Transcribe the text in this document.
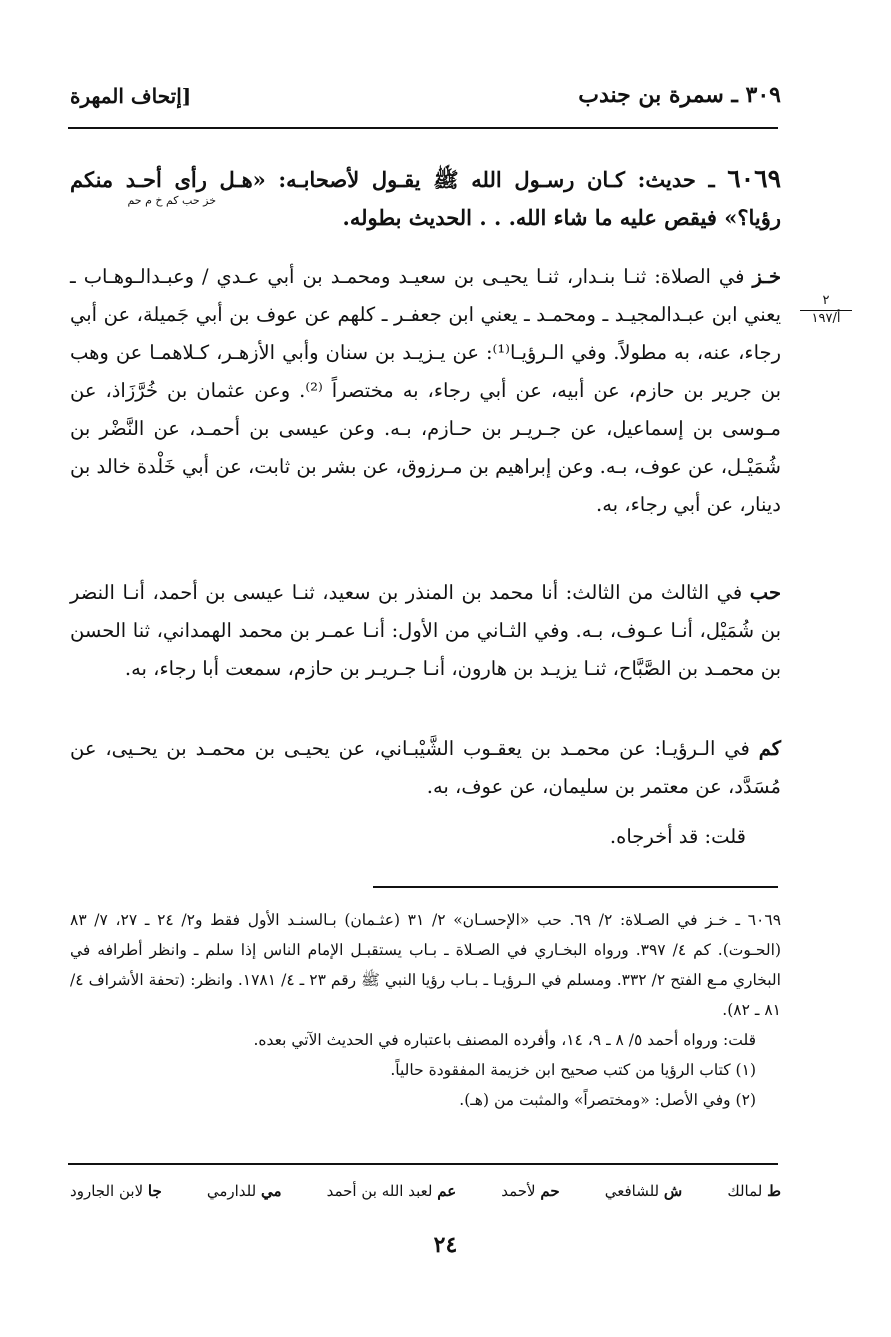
٣٠٩ ـ سمرة بن جندب
[إتحاف المهرة
٢
أ/١٩٧
٦٠٦٩ ـ حديث: كـان رسـول الله ﷺ يقـول لأصحابـه: «هـل رأى أحـد منكم رؤيا؟» فيقص عليه ما شاء الله. . . الحديث بطوله.
خز حب كم خ م حم
خـز في الصلاة: ثنـا بنـدار، ثنـا يحيـى بن سعيـد ومحمـد بن أبي عـدي / وعبـدالـوهـاب ـ يعني ابن عبـدالمجيـد ـ ومحمـد ـ يعني ابن جعفـر ـ كلهم عن عوف بن أبي جَميلة، عن أبي رجاء، عنه، به مطولاً. وفي الـرؤيـا⁽¹⁾: عن يـزيـد بن سنان وأبي الأزهـر، كـلاهمـا عن وهب بن جرير بن حازم، عن أبيه، عن أبي رجاء، به مختصراً ⁽²⁾. وعن عثمان بن خُرَّزَاذ، عن مـوسى بن إسماعيل، عن جـريـر بن حـازم، بـه. وعن عيسى بن أحمـد، عن النَّضْر بن شُمَيْـل، عن عوف، بـه. وعن إبراهيم بن مـرزوق، عن بشر بن ثابت، عن أبي خَلْدة خالد بن دينار، عن أبي رجاء، به.
حب في الثالث من الثالث: أنا محمد بن المنذر بن سعيد، ثنـا عيسى بن أحمد، أنـا النضر بن شُمَيْل، أنـا عـوف، بـه. وفي الثـاني من الأول: أنـا عمـر بن محمد الهمداني، ثنا الحسن بن محمـد بن الصَّبَّاح، ثنـا يزيـد بن هارون، أنـا جـريـر بن حازم، سمعت أبا رجاء، به.
كم في الـرؤيـا: عن محمـد بن يعقـوب الشَّيْبـاني، عن يحيـى بن محمـد بن يحـيى، عن مُسَدَّد، عن معتمر بن سليمان، عن عوف، به.
قلت: قد أخرجاه.
٦٠٦٩ ـ خـز في الصـلاة: ٢/ ٦٩. حب «الإحسـان» ٢/ ٣١ (عثـمان) بـالسنـد الأول فقط و٢/ ٢٤ ـ ٢٧، ٧/ ٨٣ (الحـوت). كم ٤/ ٣٩٧. ورواه البخـاري في الصـلاة ـ بـاب يستقبـل الإمام الناس إذا سلم ـ وانظر أطرافه في البخاري مـع الفتح ٢/ ٣٣٢. ومسلم في الـرؤيـا ـ بـاب رؤيا النبي ﷺ رقم ٢٣ ـ ٤/ ١٧٨١. وانظر: (تحفة الأشراف ٤/ ٨١ ـ ٨٢).
قلت: ورواه أحمد ٥/ ٨ ـ ٩، ١٤، وأفرده المصنف باعتباره في الحديث الآتي بعده.
(١) كتاب الرؤيا من كتب صحيح ابن خزيمة المفقودة حالياً.
(٢) وفي الأصل: «ومختصراً» والمثبت من (هـ).
ط لمالك
ش للشافعي
حم لأحمد
عم لعبد الله بن أحمد
مي للدارمي
جا لابن الجارود
٢٤
